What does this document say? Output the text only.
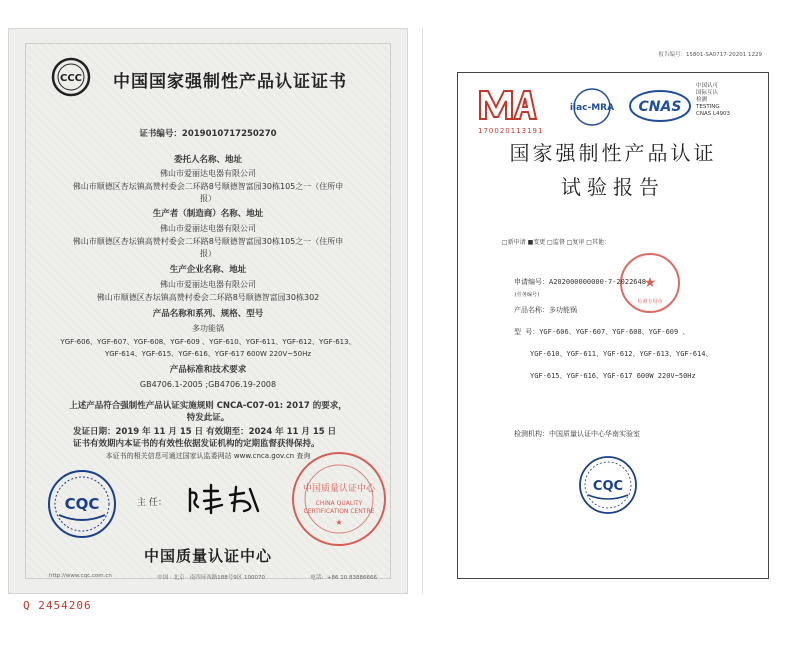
CCC 中国国家强制性产品认证证书
证书编号：2019010717250270
委托人名称、地址
佛山市爱丽达电器有限公司
佛山市顺德区杏坛镇高赞村委会二环路8号顺德智富园30栋105之一（住所申
报）
生产者（制造商）名称、地址
佛山市爱丽达电器有限公司
佛山市顺德区杏坛镇高赞村委会二环路8号顺德智富园30栋105之一（住所申
报）
生产企业名称、地址
佛山市爱丽达电器有限公司
佛山市顺德区杏坛镇高赞村委会二环路8号顺德智富园30栋302
产品名称和系列、规格、型号
多功能锅
YGF-606、YGF-607、YGF-608、YGF-609 、YGF-610、YGF-611、YGF-612、YGF-613、
YGF-614、YGF-615、YGF-616、YGF-617 600W 220V~50Hz
产品标准和技术要求
GB4706.1-2005 ;GB4706.19-2008
上述产品符合强制性产品认证实施规则 CNCA-C07-01: 2017 的要求，
特发此证。
发证日期：2019 年 11 月 15 日 有效期至：2024 年 11 月 15 日
证书有效期内本证书的有效性依据发证机构的定期监督获得保持。
本证书的相关信息可通过国家认监委网站 www.cnca.gov.cn 查询
CQC	主 任：
中国质量认证中心
CHINA QUALITY
CERTIFICATION CENTRE
★
中国质量认证中心
http://www.cqc.com.cn	中国 · 北京 · 南四环西路188号9区 100070	电话：+86 10 83886666
Q 2454206
报告编号：15801-SA0717-20201 1229
170020113191
ilac-MRA CNAS
中国认可
国际互认
检测
TESTING
CNAS L4903
国家强制性产品认证
试验报告
□新申请 ■变更 □监督 □复审 □其他：
★
检测专用章
申请编号：A202000000000-7-2022648
(任务编号)
产品名称：多功能锅
型 号：YGF-606、YGF-607、YGF-608、YGF-609 、
YGF-610、YGF-611、YGF-612、YGF-613、YGF-614、
YGF-615、YGF-616、YGF-617 600W 220V~50Hz
检测机构：中国质量认证中心华南实验室
CQC
